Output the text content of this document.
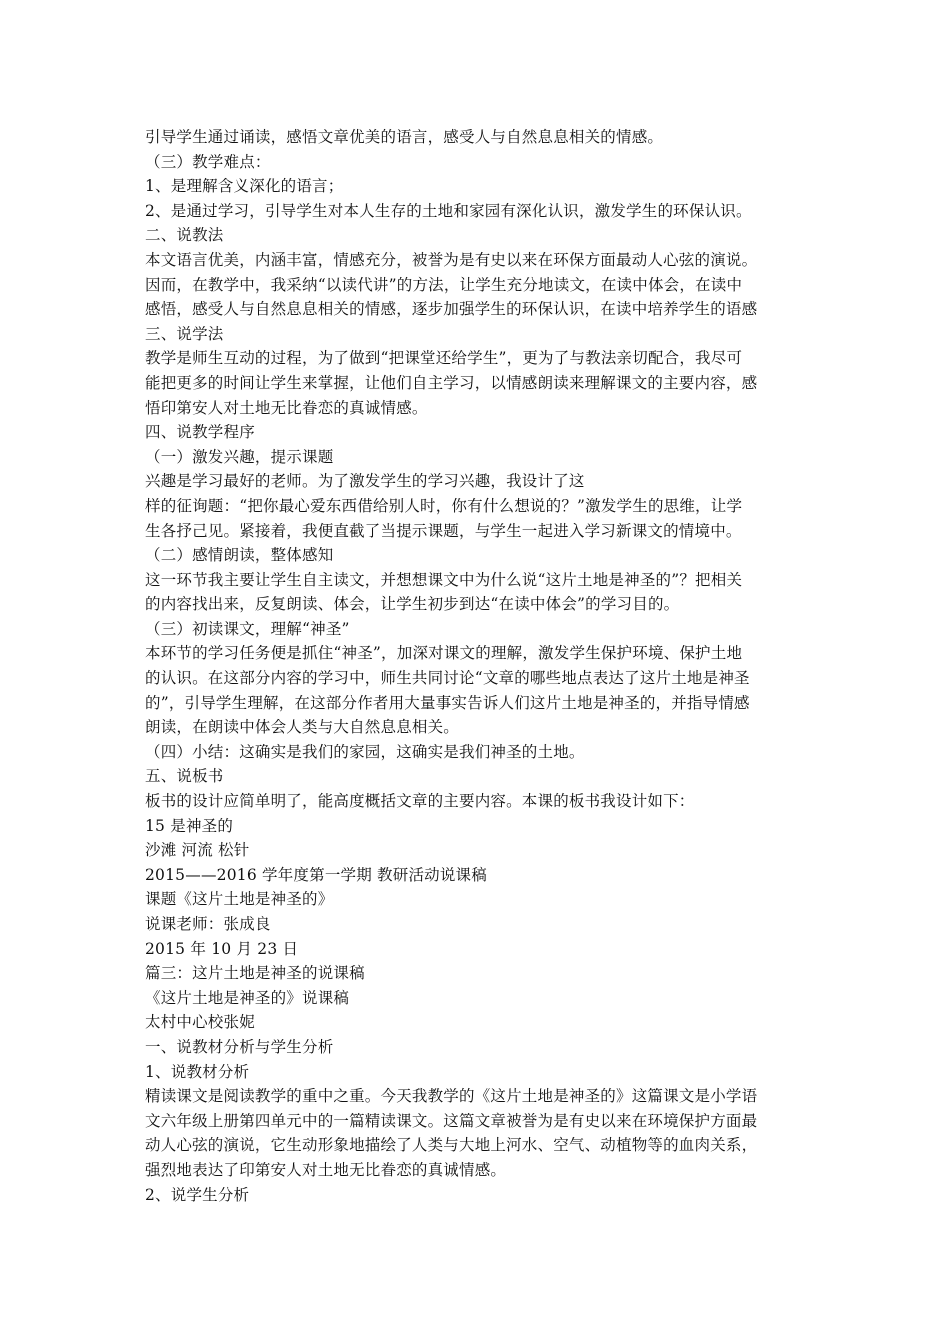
引导学生通过诵读，感悟文章优美的语言，感受人与自然息息相关的情感。
（三）教学难点：
1、是理解含义深化的语言；
2、是通过学习，引导学生对本人生存的土地和家园有深化认识，激发学生的环保认识。
二、说教法
本文语言优美，内涵丰富，情感充分，被誉为是有史以来在环保方面最动人心弦的演说。
因而，在教学中，我采纳“以读代讲”的方法，让学生充分地读文，在读中体会，在读中
感悟，感受人与自然息息相关的情感，逐步加强学生的环保认识，在读中培养学生的语感
三、说学法
教学是师生互动的过程，为了做到“把课堂还给学生”，更为了与教法亲切配合，我尽可
能把更多的时间让学生来掌握，让他们自主学习，以情感朗读来理解课文的主要内容，感
悟印第安人对土地无比眷恋的真诚情感。
四、说教学程序
（一）激发兴趣，提示课题
兴趣是学习最好的老师。为了激发学生的学习兴趣，我设计了这
样的征询题：“把你最心爱东西借给别人时，你有什么想说的？”激发学生的思维，让学
生各抒己见。紧接着，我便直截了当提示课题，与学生一起进入学习新课文的情境中。
（二）感情朗读，整体感知
这一环节我主要让学生自主读文，并想想课文中为什么说“这片土地是神圣的”？把相关
的内容找出来，反复朗读、体会，让学生初步到达“在读中体会”的学习目的。
（三）初读课文，理解“神圣”
本环节的学习任务便是抓住“神圣”，加深对课文的理解，激发学生保护环境、保护土地
的认识。在这部分内容的学习中，师生共同讨论“文章的哪些地点表达了这片土地是神圣
的”，引导学生理解，在这部分作者用大量事实告诉人们这片土地是神圣的，并指导情感
朗读，在朗读中体会人类与大自然息息相关。
（四）小结：这确实是我们的家园，这确实是我们神圣的土地。
五、说板书
板书的设计应简单明了，能高度概括文章的主要内容。本课的板书我设计如下：
15 是神圣的
沙滩 河流 松针
2015——2016 学年度第一学期 教研活动说课稿
课题《这片土地是神圣的》
说课老师：张成良
2015 年 10 月 23 日
篇三：这片土地是神圣的说课稿
《这片土地是神圣的》说课稿
太村中心校张妮
一、说教材分析与学生分析
1、说教材分析
精读课文是阅读教学的重中之重。今天我教学的《这片土地是神圣的》这篇课文是小学语
文六年级上册第四单元中的一篇精读课文。这篇文章被誉为是有史以来在环境保护方面最
动人心弦的演说，它生动形象地描绘了人类与大地上河水、空气、动植物等的血肉关系，
强烈地表达了印第安人对土地无比眷恋的真诚情感。
2、说学生分析
